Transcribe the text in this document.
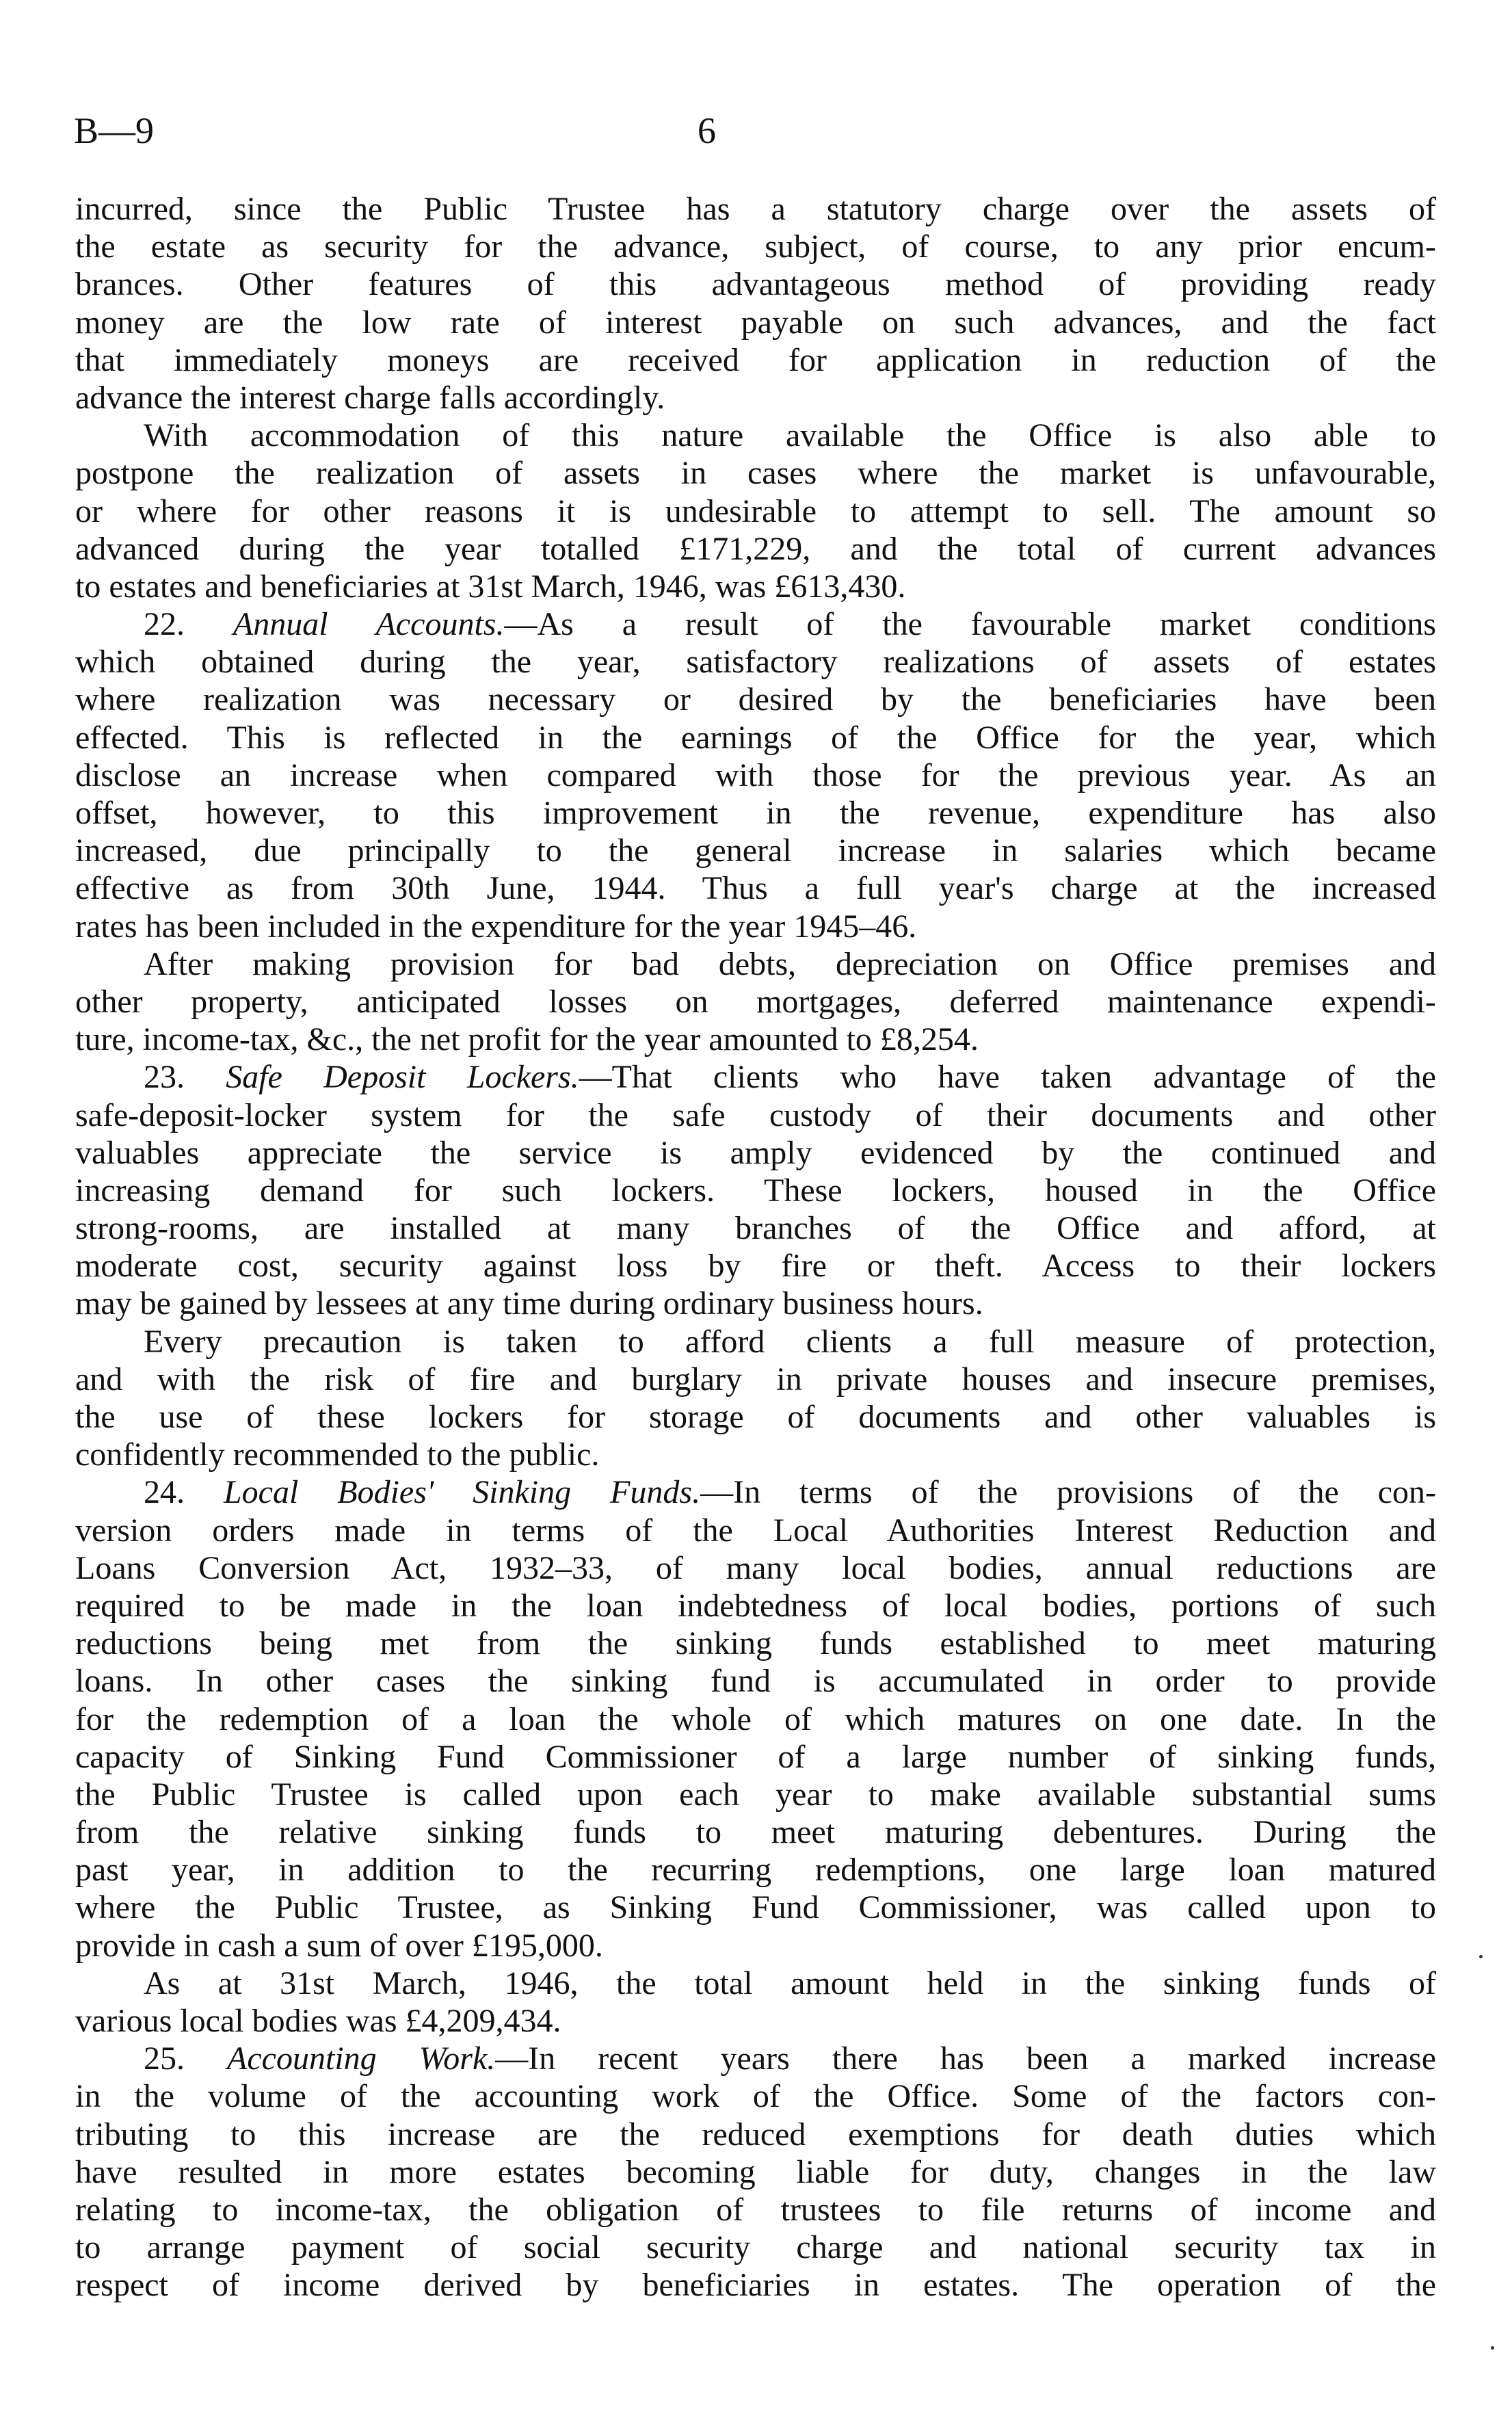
B—9	6
incurred, since the Public Trustee has a statutory charge over the assets of
the estate as security for the advance, subject, of course, to any prior encum-
brances. Other features of this advantageous method of providing ready
money are the low rate of interest payable on such advances, and the fact
that immediately moneys are received for application in reduction of the
advance the interest charge falls accordingly.
With accommodation of this nature available the Office is also able to
postpone the realization of assets in cases where the market is unfavourable,
or where for other reasons it is undesirable to attempt to sell. The amount so
advanced during the year totalled £171,229, and the total of current advances
to estates and beneficiaries at 31st March, 1946, was £613,430.
22. Annual Accounts.—As a result of the favourable market conditions
which obtained during the year, satisfactory realizations of assets of estates
where realization was necessary or desired by the beneficiaries have been
effected. This is reflected in the earnings of the Office for the year, which
disclose an increase when compared with those for the previous year. As an
offset, however, to this improvement in the revenue, expenditure has also
increased, due principally to the general increase in salaries which became
effective as from 30th June, 1944. Thus a full year's charge at the increased
rates has been included in the expenditure for the year 1945–46.
After making provision for bad debts, depreciation on Office premises and
other property, anticipated losses on mortgages, deferred maintenance expendi-
ture, income-tax, &c., the net profit for the year amounted to £8,254.
23. Safe Deposit Lockers.—That clients who have taken advantage of the
safe-deposit-locker system for the safe custody of their documents and other
valuables appreciate the service is amply evidenced by the continued and
increasing demand for such lockers. These lockers, housed in the Office
strong-rooms, are installed at many branches of the Office and afford, at
moderate cost, security against loss by fire or theft. Access to their lockers
may be gained by lessees at any time during ordinary business hours.
Every precaution is taken to afford clients a full measure of protection,
and with the risk of fire and burglary in private houses and insecure premises,
the use of these lockers for storage of documents and other valuables is
confidently recommended to the public.
24. Local Bodies' Sinking Funds.—In terms of the provisions of the con-
version orders made in terms of the Local Authorities Interest Reduction and
Loans Conversion Act, 1932–33, of many local bodies, annual reductions are
required to be made in the loan indebtedness of local bodies, portions of such
reductions being met from the sinking funds established to meet maturing
loans. In other cases the sinking fund is accumulated in order to provide
for the redemption of a loan the whole of which matures on one date. In the
capacity of Sinking Fund Commissioner of a large number of sinking funds,
the Public Trustee is called upon each year to make available substantial sums
from the relative sinking funds to meet maturing debentures. During the
past year, in addition to the recurring redemptions, one large loan matured
where the Public Trustee, as Sinking Fund Commissioner, was called upon to
provide in cash a sum of over £195,000.
As at 31st March, 1946, the total amount held in the sinking funds of
various local bodies was £4,209,434.
25. Accounting Work.—In recent years there has been a marked increase
in the volume of the accounting work of the Office. Some of the factors con-
tributing to this increase are the reduced exemptions for death duties which
have resulted in more estates becoming liable for duty, changes in the law
relating to income-tax, the obligation of trustees to file returns of income and
to arrange payment of social security charge and national security tax in
respect of income derived by beneficiaries in estates. The operation of the
